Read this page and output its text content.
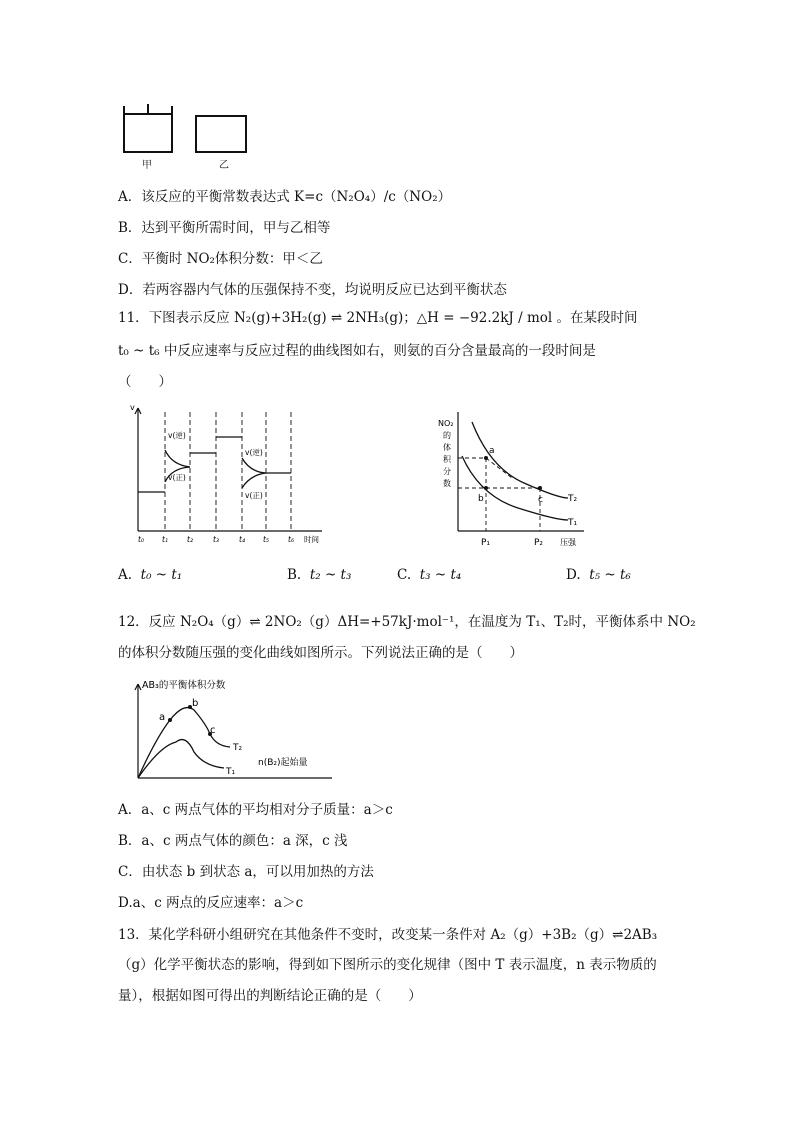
甲	乙
A．该反应的平衡常数表达式 K=c（N₂O₄）/c（NO₂）
B．达到平衡所需时间，甲与乙相等
C．平衡时 NO₂体积分数：甲＜乙
D．若两容器内气体的压强保持不变，均说明反应已达到平衡状态
11．下图表示反应 N₂(g)+3H₂(g) ⇌ 2NH₃(g)；△H = −92.2kJ / mol 。在某段时间
t₀ ~ t₆ 中反应速率与反应过程的曲线图如右，则氨的百分含量最高的一段时间是
（　　）
v
v(逆)
v(正)
v(逆)
v(正)
t₀ t₁	t₂	t₃	t₄ t₅	t₆ 时间
NO₂
的
体
积
分
数
a
b	c	T₂
T₁
P₁	P₂ 压强
A. t₀ ~ t₁	B. t₂ ~ t₃	C. t₃ ~ t₄	D. t₅ ~ t₆
12．反应 N₂O₄（g）⇌ 2NO₂（g）ΔH=+57kJ·mol⁻¹，在温度为 T₁、T₂时，平衡体系中 NO₂
的体积分数随压强的变化曲线如图所示。下列说法正确的是（　　）
AB₃的平衡体积分数
a
b
c
T₂
T₁
n(B₂)起始量
A．a、c 两点气体的平均相对分子质量：a＞c
B．a、c 两点气体的颜色：a 深，c 浅
C．由状态 b 到状态 a，可以用加热的方法
D.a、c 两点的反应速率：a＞c
13．某化学科研小组研究在其他条件不变时，改变某一条件对 A₂（g）+3B₂（g）⇌2AB₃
（g）化学平衡状态的影响，得到如下图所示的变化规律（图中 T 表示温度，n 表示物质的
量），根据如图可得出的判断结论正确的是（　　）
